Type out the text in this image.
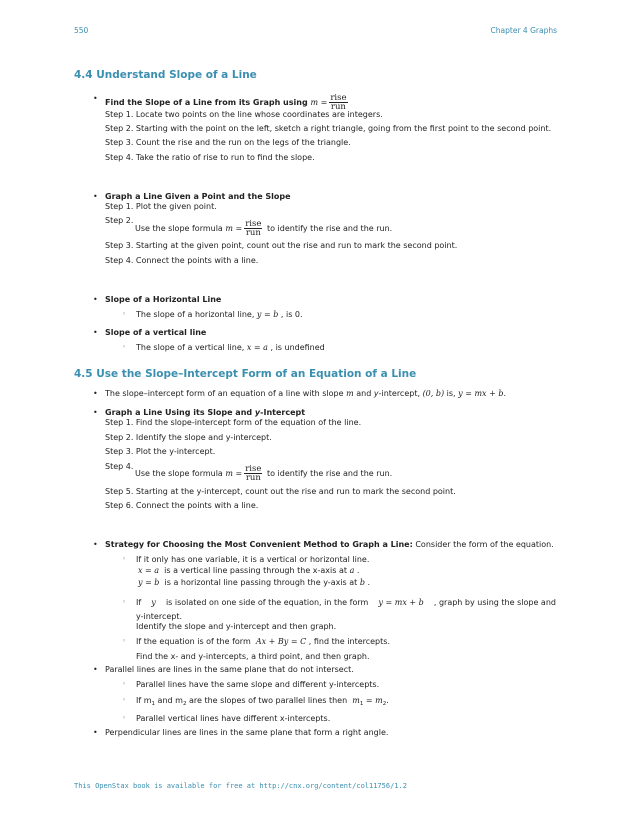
550	Chapter 4 Graphs
4.4 Understand Slope of a Line
• Find the Slope of a Line from its Graph using $m = \frac{\text{rise}}{\text{run}}$
Step 1. Locate two points on the line whose coordinates are integers.
Step 2. Starting with the point on the left, sketch a right triangle, going from the first point to the second point.
Step 3. Count the rise and the run on the legs of the triangle.
Step 4. Take the ratio of rise to run to find the slope.
• Graph a Line Given a Point and the Slope
Step 1. Plot the given point.
Step 2.
Use the slope formula $m = \frac{\text{rise}}{\text{run}}$ to identify the rise and the run.
Step 3. Starting at the given point, count out the rise and run to mark the second point.
Step 4. Connect the points with a line.
• Slope of a Horizontal Line
◦ The slope of a horizontal line, y = b , is 0.
• Slope of a vertical line
◦ The slope of a vertical line, x = a , is undefined
4.5 Use the Slope–Intercept Form of an Equation of a Line
• The slope–intercept form of an equation of a line with slope m and y-intercept, (0, b) is, y = mx + b.
• Graph a Line Using its Slope and y-Intercept
Step 1. Find the slope-intercept form of the equation of the line.
Step 2. Identify the slope and y-intercept.
Step 3. Plot the y-intercept.
Step 4.
Use the slope formula $m = \frac{\text{rise}}{\text{run}}$ to identify the rise and the run.
Step 5. Starting at the y-intercept, count out the rise and run to mark the second point.
Step 6. Connect the points with a line.
• Strategy for Choosing the Most Convenient Method to Graph a Line: Consider the form of the equation.
◦ If it only has one variable, it is a vertical or horizontal line.
x = a is a vertical line passing through the x-axis at a .
y = b is a horizontal line passing through the y-axis at b .
◦ If y is isolated on one side of the equation, in the form y = mx + b , graph by using the slope and
y-intercept.
Identify the slope and y-intercept and then graph.
◦ If the equation is of the form Ax + By = C , find the intercepts.
Find the x- and y-intercepts, a third point, and then graph.
• Parallel lines are lines in the same plane that do not intersect.
◦ Parallel lines have the same slope and different y-intercepts.
◦ If $m_1$ and $m_2$ are the slopes of two parallel lines then $m_1 = m_2$.
◦ Parallel vertical lines have different x-intercepts.
• Perpendicular lines are lines in the same plane that form a right angle.
This OpenStax book is available for free at http://cnx.org/content/col11756/1.2
